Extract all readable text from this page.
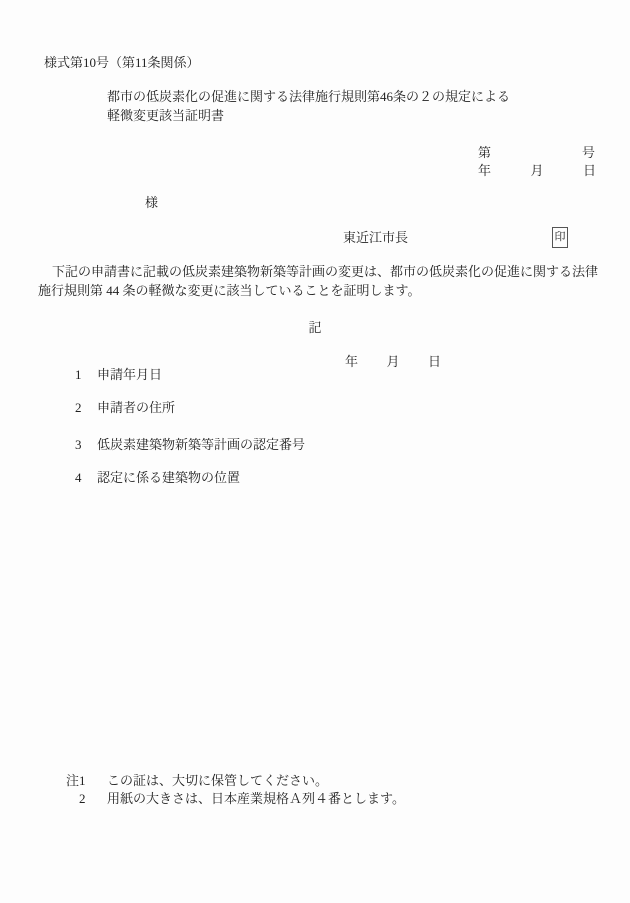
様式第10号（第11条関係）
都市の低炭素化の促進に関する法律施行規則第46条の２の規定による
軽微変更該当証明書
第	号
年	月	日
様
東近江市長	印
下記の申請書に記載の低炭素建築物新築等計画の変更は、都市の低炭素化の促進に関する法律
施行規則第 44 条の軽微な変更に該当していることを証明します。
記

1 申請年月日

年 月 日

2 申請者の住所

3 低炭素建築物新築等計画の認定番号

4 認定に係る建築物の位置

注1 この証は、大切に保管してください。
2 用紙の大きさは、日本産業規格Ａ列４番とします。
